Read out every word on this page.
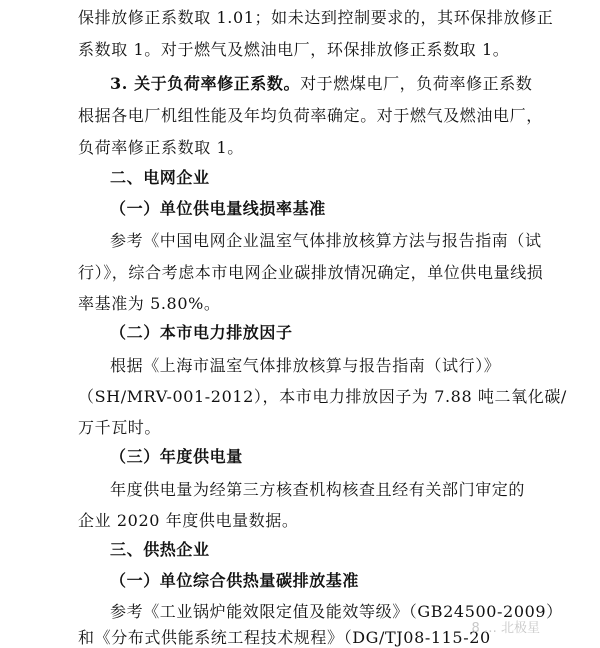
保排放修正系数取 1.01；如未达到控制要求的，其环保排放修正
系数取 1。对于燃气及燃油电厂，环保排放修正系数取 1。
3. 关于负荷率修正系数。对于燃煤电厂，负荷率修正系数
根据各电厂机组性能及年均负荷率确定。对于燃气及燃油电厂，
负荷率修正系数取 1。
二、电网企业
（一）单位供电量线损率基准
参考《中国电网企业温室气体排放核算方法与报告指南（试
行）》，综合考虑本市电网企业碳排放情况确定，单位供电量线损
率基准为 5.80%。
（二）本市电力排放因子
根据《上海市温室气体排放核算与报告指南（试行）》
（SH/MRV-001-2012），本市电力排放因子为 7.88 吨二氧化碳/
万千瓦时。
（三）年度供电量
年度供电量为经第三方核查机构核查且经有关部门审定的
企业 2020 年度供电量数据。
三、供热企业
（一）单位综合供热量碳排放基准
参考《工业锅炉能效限定值及能效等级》（GB24500-2009）
和《分布式供能系统工程技术规程》（DG/TJ08-115-20
8 … 北极星
